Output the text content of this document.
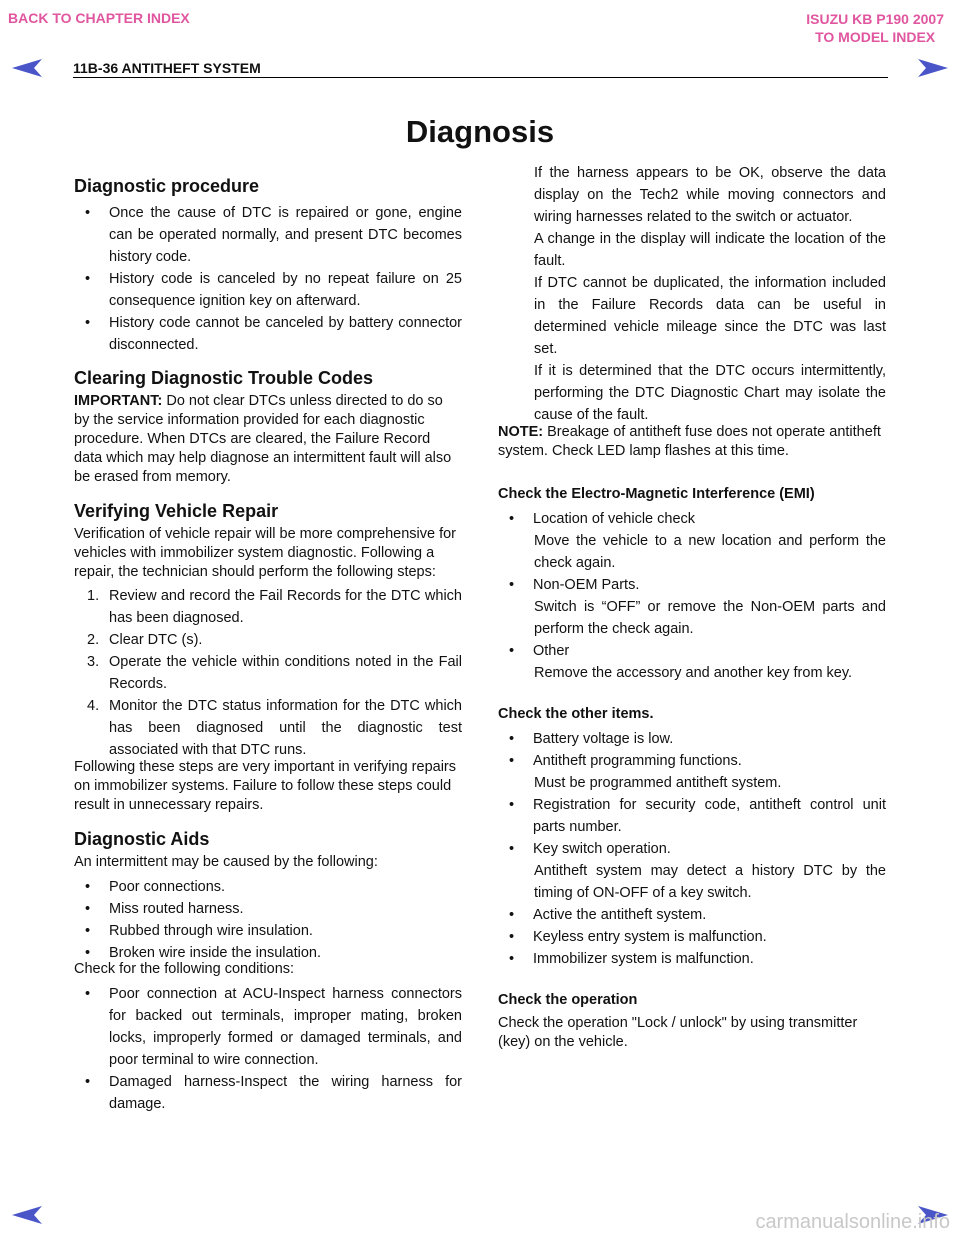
BACK TO CHAPTER INDEX	ISUZU KB P190 2007
TO MODEL INDEX
11B-36 ANTITHEFT SYSTEM
Diagnosis
Diagnostic procedure
• Once the cause of DTC is repaired or gone, engine can be operated normally, and present DTC becomes history code.
• History code is canceled by no repeat failure on 25 consequence ignition key on afterward.
• History code cannot be canceled by battery connector disconnected.
Clearing Diagnostic Trouble Codes

IMPORTANT: Do not clear DTCs unless directed to do so by the service information provided for each diagnostic procedure. When DTCs are cleared, the Failure Record data which may help diagnose an intermittent fault will also be erased from memory.

Verifying Vehicle Repair

Verification of vehicle repair will be more comprehensive for vehicles with immobilizer system diagnostic. Following a repair, the technician should perform the following steps:

1. Review and record the Fail Records for the DTC which has been diagnosed.
2. Clear DTC (s).
3. Operate the vehicle within conditions noted in the Fail Records.
4. Monitor the DTC status information for the DTC which has been diagnosed until the diagnostic test associated with that DTC runs.

Following these steps are very important in verifying repairs on immobilizer systems. Failure to follow these steps could result in unnecessary repairs.

Diagnostic Aids

An intermittent may be caused by the following:

• Poor connections.
• Miss routed harness.
• Rubbed through wire insulation.
• Broken wire inside the insulation.

Check for the following conditions:

• Poor connection at ACU-Inspect harness connectors for backed out terminals, improper mating, broken locks, improperly formed or damaged terminals, and poor terminal to wire connection.
• Damaged harness-Inspect the wiring harness for damage.

If the harness appears to be OK, observe the data display on the Tech2 while moving connectors and wiring harnesses related to the switch or actuator.

A change in the display will indicate the location of the fault.

If DTC cannot be duplicated, the information included in the Failure Records data can be useful in determined vehicle mileage since the DTC was last set.

If it is determined that the DTC occurs intermittently, performing the DTC Diagnostic Chart may isolate the cause of the fault.

NOTE: Breakage of antitheft fuse does not operate antitheft system. Check LED lamp flashes at this time.

Check the Electro-Magnetic Interference (EMI)

• Location of vehicle check
Move the vehicle to a new location and perform the check again.
• Non-OEM Parts.
Switch is “OFF” or remove the Non-OEM parts and perform the check again.
• Other
Remove the accessory and another key from key.

Check the other items.

• Battery voltage is low.
• Antitheft programming functions.
Must be programmed antitheft system.
• Registration for security code, antitheft control unit parts number.
• Key switch operation.
Antitheft system may detect a history DTC by the timing of ON-OFF of a key switch.
• Active the antitheft system.
• Keyless entry system is malfunction.
• Immobilizer system is malfunction.

Check the operation

Check the operation "Lock / unlock" by using transmitter (key) on the vehicle.

carmanualsonline.info
